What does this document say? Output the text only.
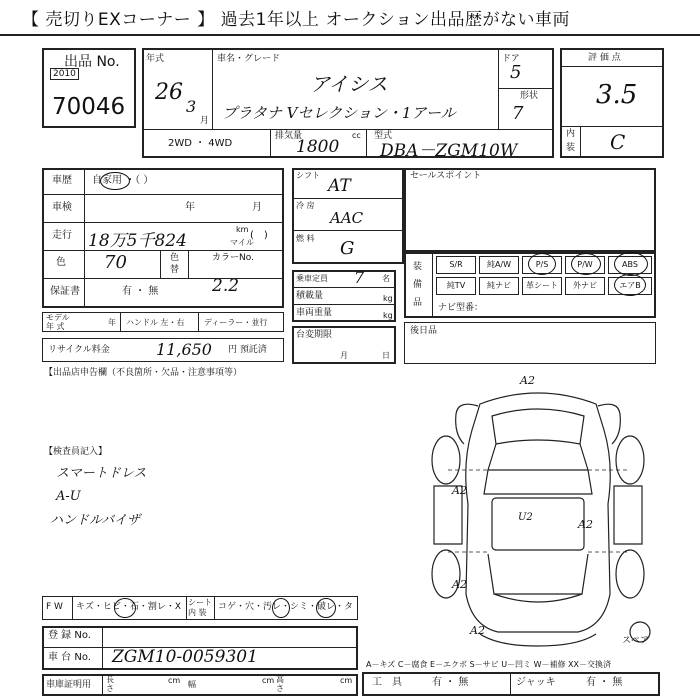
【 売切りEXコーナー 】 過去1年以上 オークション出品歴がない車両
出品 No.
2010
70046
年式
26
3
月
車名・グレード
アイシス
プラタナ Vセレクション・1アール
ドア
5
形状
7
2WD ・ 4WD
排気量
1800
cc 型式
DBA－ZGM10W
評 価 点
3.5
内
装 C
車歴 自家用 ・（ ）
車検	年	月
走行 18万5千824
km
マイル
(　)
色 70	色
替
カラーNo.
2.2
保証書	有 ・ 無
モデル
年 式	年 ハンドル 左・右 ディーラー・並行
リサイクル料金	11,650 円 預託済
【出品店申告欄（不良箇所・欠品・注意事項等）
【検査員記入】
スマートドレス
A-U
ハンドルバイザ
シフト
AT
冷 房
AAC
燃 料 G
乗車定員 7 名
積載量	kg
車両重量	kg
台変期限
月	日
セールスポイント
装
備
品
S/R	純A/W	P/S	P/W	ABS
純TV	純ナビ	革シート	外ナビ	エアB
ナビ型番：
後日品
A2
A2
U2
A2
A2
A2
スペア
A－キズ C－腐食 E－エクボ S－サビ U－凹ミ W－補修 XX－交換済
F W キズ・ヒビ・石・割レ・X シート
内 装
コゲ・穴・汚レ・シミ・破レ・タ
登 録 No.
車 台 No. ZGM10-0059301
車庫証明用
長
さ
cm 幅	cm 高
さ
cm 工　具	有 ・ 無	ジャッキ	有 ・ 無
